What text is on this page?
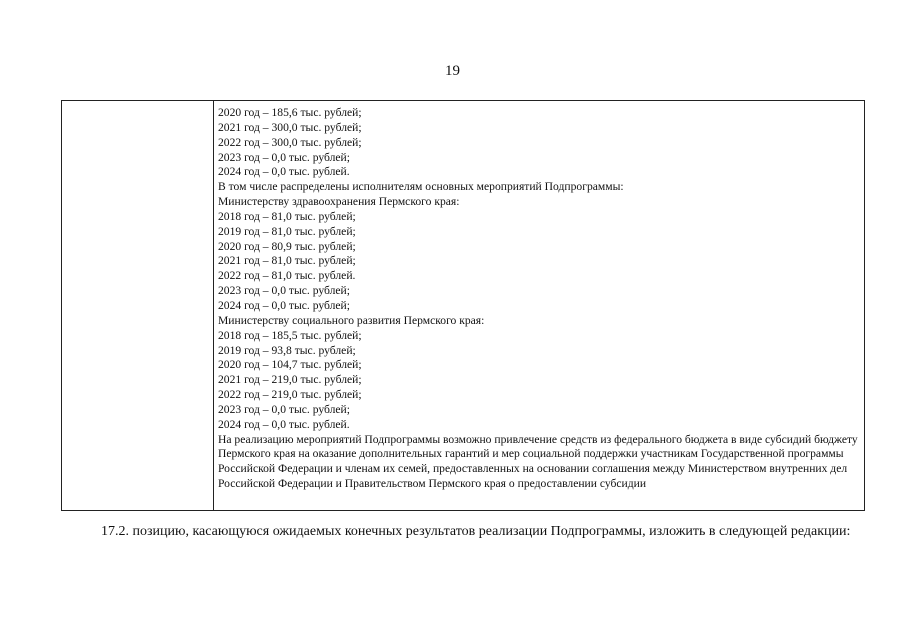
19
2020 год – 185,6 тыс. рублей;
2021 год – 300,0 тыс. рублей;
2022 год – 300,0 тыс. рублей;
2023 год – 0,0 тыс. рублей;
2024 год – 0,0 тыс. рублей.
В том числе распределены исполнителям основных мероприятий Подпрограммы:
Министерству здравоохранения Пермского края:
2018 год – 81,0 тыс. рублей;
2019 год – 81,0 тыс. рублей;
2020 год – 80,9 тыс. рублей;
2021 год – 81,0 тыс. рублей;
2022 год – 81,0 тыс. рублей.
2023 год – 0,0 тыс. рублей;
2024 год – 0,0 тыс. рублей;
Министерству социального развития Пермского края:
2018 год – 185,5 тыс. рублей;
2019 год – 93,8 тыс. рублей;
2020 год – 104,7 тыс. рублей;
2021 год – 219,0 тыс. рублей;
2022 год – 219,0 тыс. рублей;
2023 год – 0,0 тыс. рублей;
2024 год – 0,0 тыс. рублей.
На реализацию мероприятий Подпрограммы возможно привлечение средств из федерального бюджета в виде субсидий бюджету Пермского края на оказание дополнительных гарантий и мер социальной поддержки участникам Государственной программы Российской Федерации и членам их семей, предоставленных на основании соглашения между Министерством внутренних дел Российской Федерации и Правительством Пермского края о предоставлении субсидии
17.2. позицию, касающуюся ожидаемых конечных результатов реализации Подпрограммы, изложить в следующей редакции:
